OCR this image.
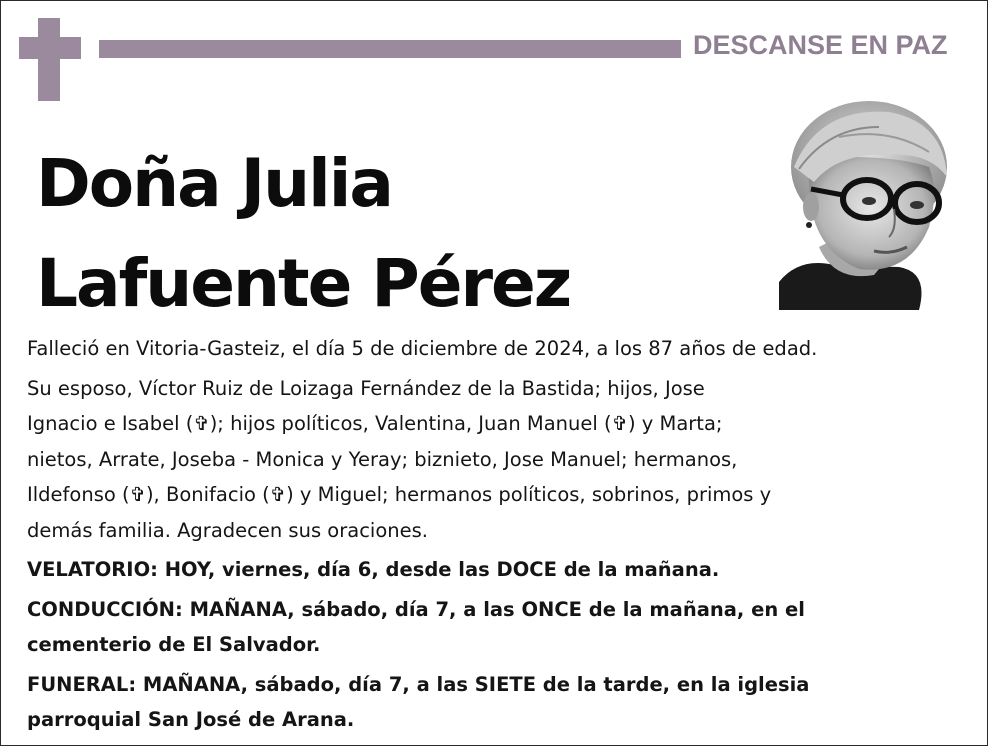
DESCANSE EN PAZ
Doña Julia
Lafuente Pérez

Falleció en Vitoria-Gasteiz, el día 5 de diciembre de 2024, a los 87 años de edad.

Su esposo, Víctor Ruiz de Loizaga Fernández de la Bastida; hijos, Jose
Ignacio e Isabel (✞); hijos políticos, Valentina, Juan Manuel (✞) y Marta;
nietos, Arrate, Joseba - Monica y Yeray; biznieto, Jose Manuel; hermanos,
Ildefonso (✞), Bonifacio (✞) y Miguel; hermanos políticos, sobrinos, primos y
demás familia. Agradecen sus oraciones.

VELATORIO: HOY, viernes, día 6, desde las DOCE de la mañana.

CONDUCCIÓN: MAÑANA, sábado, día 7, a las ONCE de la mañana, en el
cementerio de El Salvador.

FUNERAL: MAÑANA, sábado, día 7, a las SIETE de la tarde, en la iglesia
parroquial San José de Arana.
